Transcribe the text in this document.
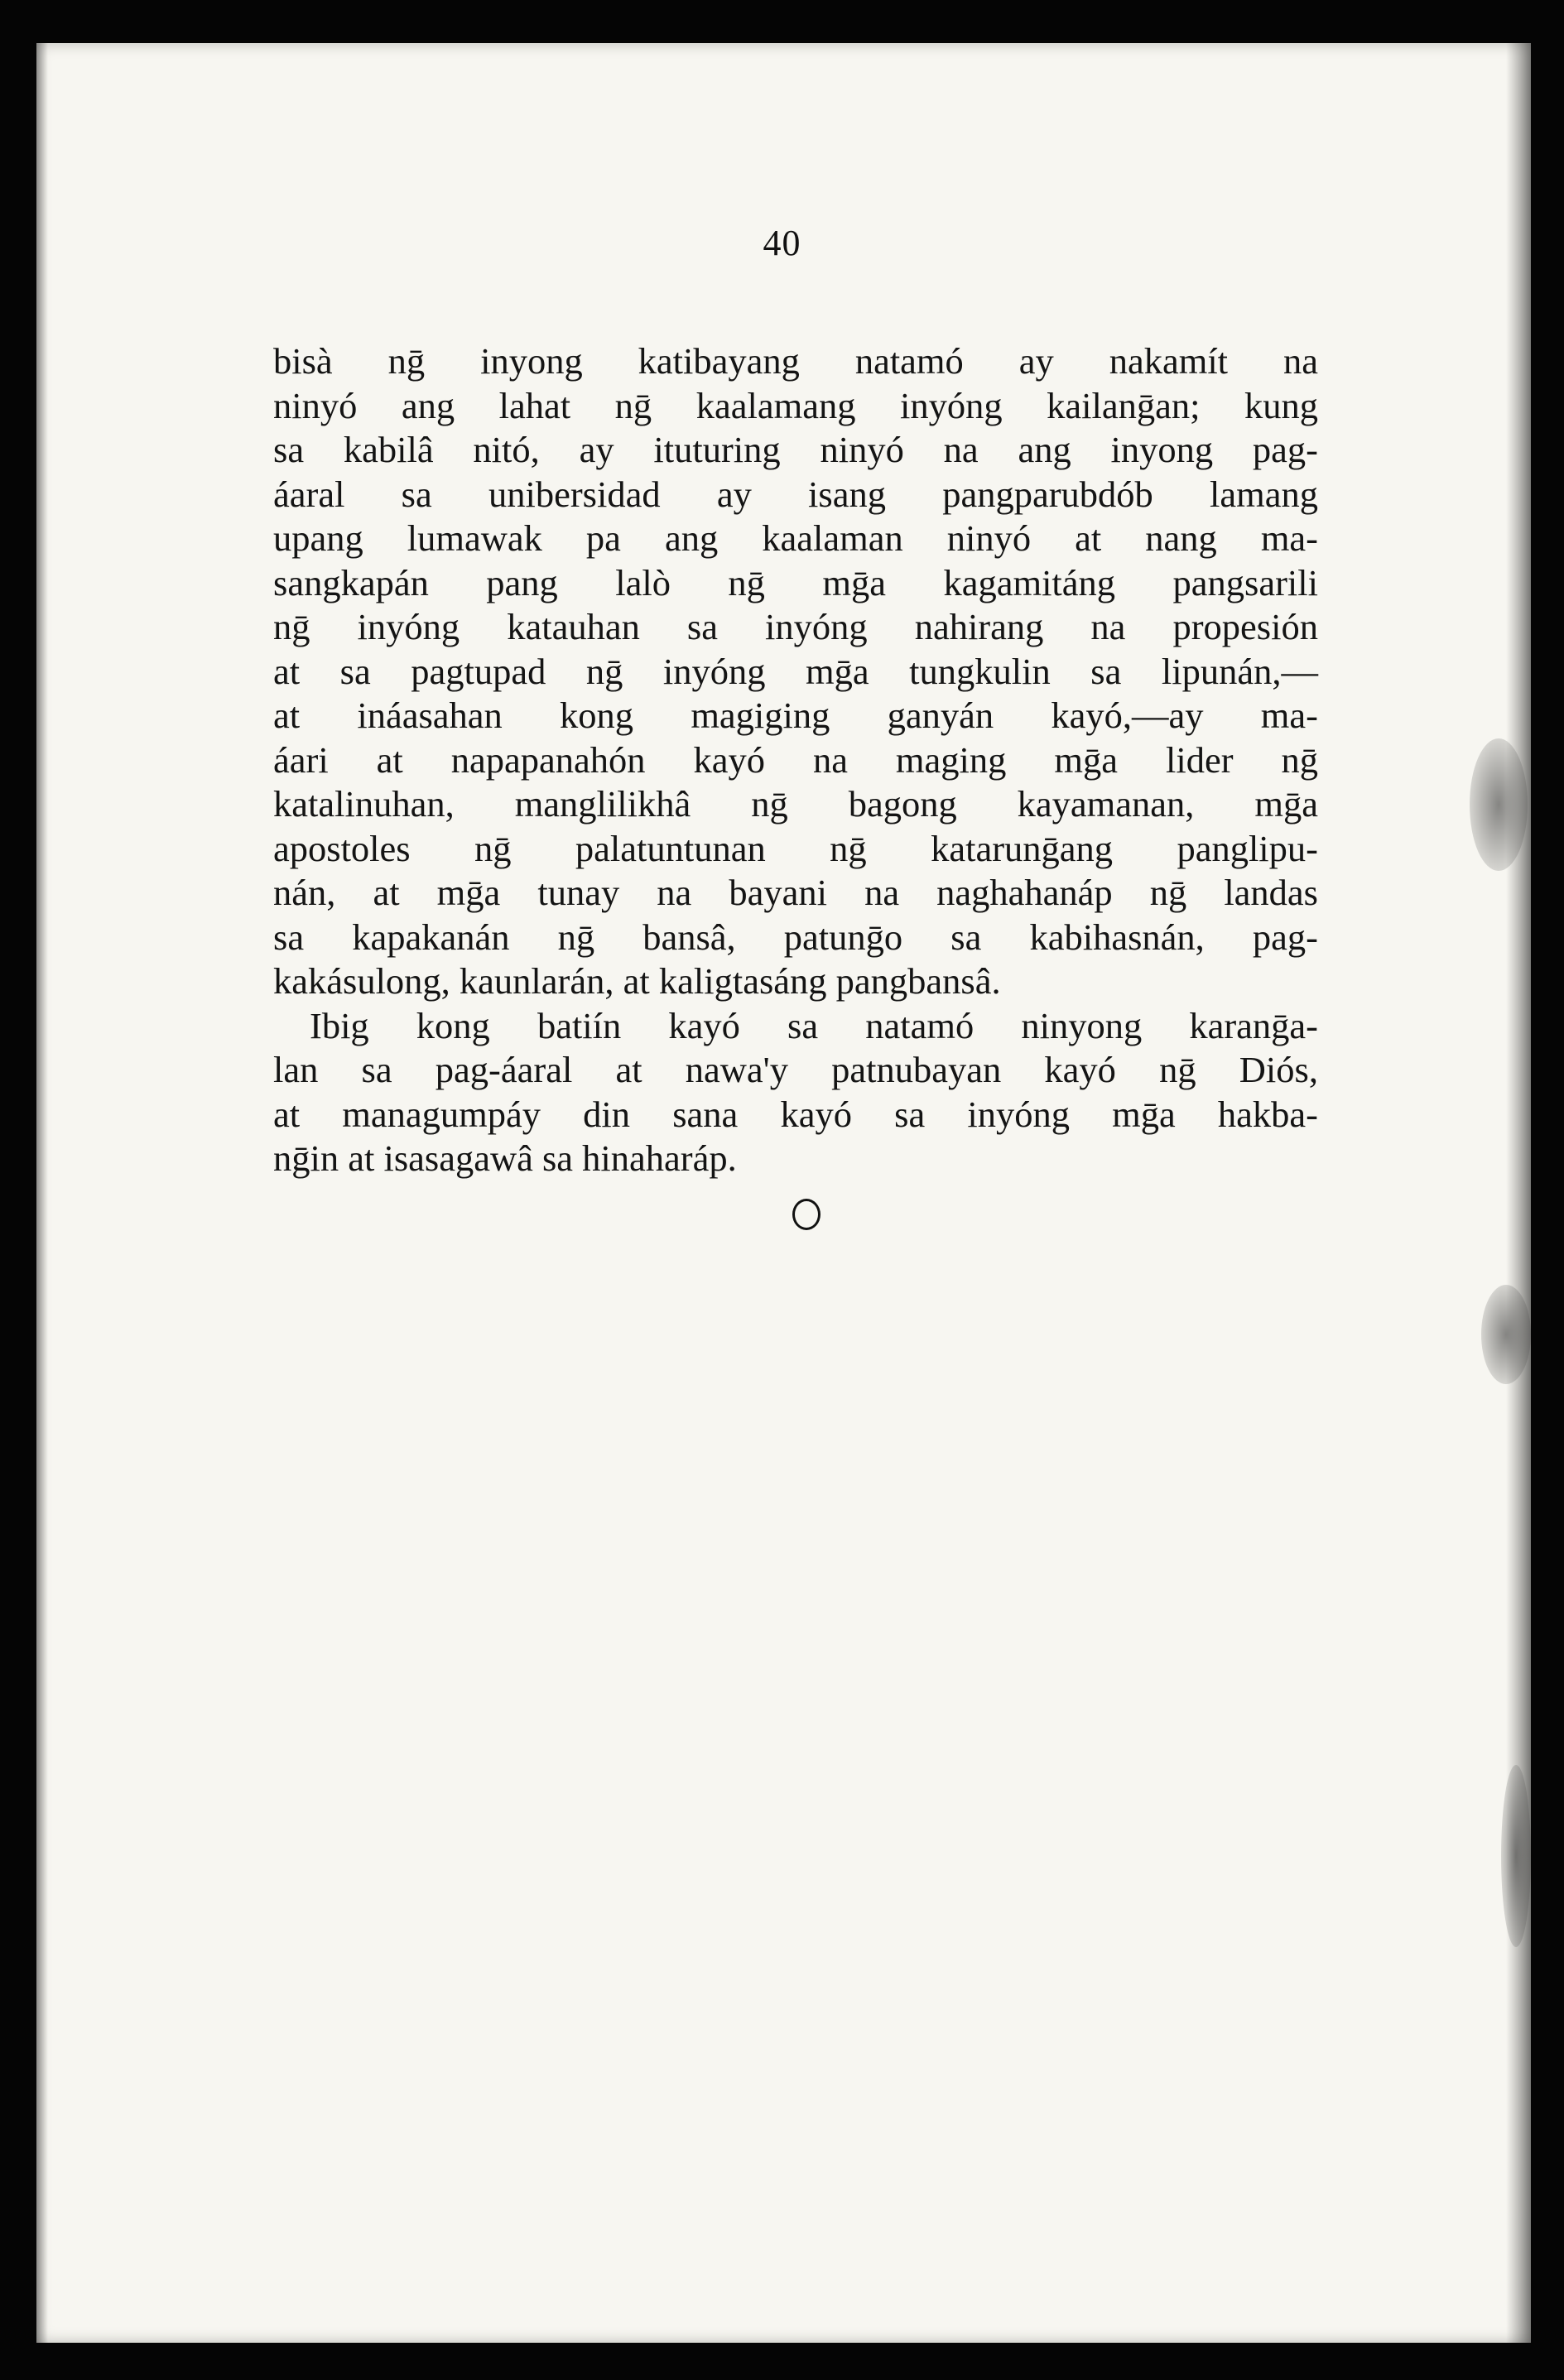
40
bisà nḡ inyong katibayang natamó ay nakamít na
ninyó ang lahat nḡ kaalamang inyóng kailanḡan; kung
sa kabilâ nitó, ay ituturing ninyó na ang inyong pag-
áaral sa unibersidad ay isang pangparubdób lamang
upang lumawak pa ang kaalaman ninyó at nang ma-
sangkapán pang lalò nḡ mḡa kagamitáng pangsarili
nḡ inyóng katauhan sa inyóng nahirang na propesión
at sa pagtupad nḡ inyóng mḡa tungkulin sa lipunán,—
at ináasahan kong magiging ganyán kayó,—ay ma-
áari at napapanahón kayó na maging mḡa lider nḡ
katalinuhan, manglilikhâ nḡ bagong kayamanan, mḡa
apostoles nḡ palatuntunan nḡ katarunḡang panglipu-
nán, at mḡa tunay na bayani na naghahanáp nḡ landas
sa kapakanán nḡ bansâ, patunḡo sa kabihasnán, pag-
kakásulong, kaunlarán, at kaligtasáng pangbansâ.
Ibig kong batiín kayó sa natamó ninyong karanḡa-
lan sa pag-áaral at nawa'y patnubayan kayó nḡ Diós,
at managumpáy din sana kayó sa inyóng mḡa hakba-
nḡin at isasagawâ sa hinaharáp.
